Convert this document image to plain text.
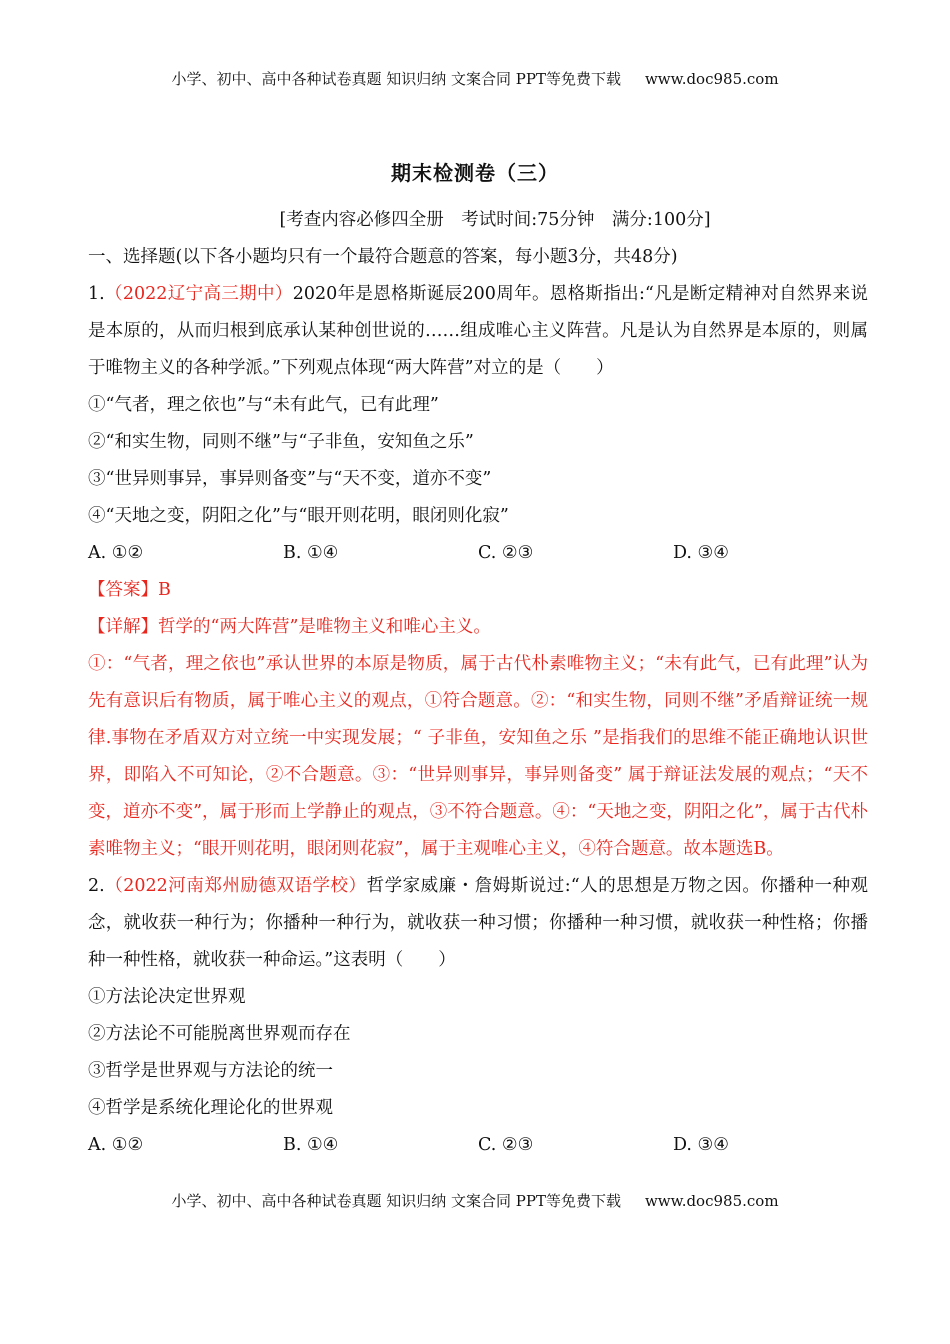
小学、初中、高中各种试卷真题 知识归纳 文案合同 PPT等免费下载 www.doc985.com
期末检测卷（三）
[考查内容必修四全册　考试时间:75分钟　满分:100分]
一、选择题(以下各小题均只有一个最符合题意的答案，每小题3分，共48分)
1.（2022辽宁高三期中）2020年是恩格斯诞辰200周年。恩格斯指出:“凡是断定精神对自然界来说是本原的，从而归根到底承认某种创世说的……组成唯心主义阵营。凡是认为自然界是本原的，则属于唯物主义的各种学派。”下列观点体现“两大阵营”对立的是（　　）
①“气者，理之依也”与“未有此气，已有此理”
②“和实生物，同则不继”与“子非鱼，安知鱼之乐”
③“世异则事异，事异则备变”与“天不变，道亦不变”
④“天地之变，阴阳之化”与“眼开则花明，眼闭则化寂”
A. ①②	B. ①④	C. ②③	D. ③④
【答案】B
【详解】哲学的“两大阵营”是唯物主义和唯心主义。
①：“气者，理之依也”承认世界的本原是物质，属于古代朴素唯物主义；“未有此气，已有此理”认为先有意识后有物质，属于唯心主义的观点，①符合题意。②：“和实生物，同则不继”矛盾辩证统一规律.事物在矛盾双方对立统一中实现发展；“ 子非鱼，安知鱼之乐 ”是指我们的思维不能正确地认识世界，即陷入不可知论，②不合题意。③：“世异则事异，事异则备变” 属于辩证法发展的观点；“天不变，道亦不变”，属于形而上学静止的观点，③不符合题意。④：“天地之变，阴阳之化”，属于古代朴素唯物主义；“眼开则花明，眼闭则花寂”，属于主观唯心主义，④符合题意。故本题选B。
2.（2022河南郑州励德双语学校）哲学家威廉・詹姆斯说过:“人的思想是万物之因。你播种一种观念，就收获一种行为；你播种一种行为，就收获一种习惯；你播种一种习惯，就收获一种性格；你播种一种性格，就收获一种命运。”这表明（　　）
①方法论决定世界观
②方法论不可能脱离世界观而存在
③哲学是世界观与方法论的统一
④哲学是系统化理论化的世界观
A. ①②	B. ①④	C. ②③	D. ③④
小学、初中、高中各种试卷真题 知识归纳 文案合同 PPT等免费下载 www.doc985.com
